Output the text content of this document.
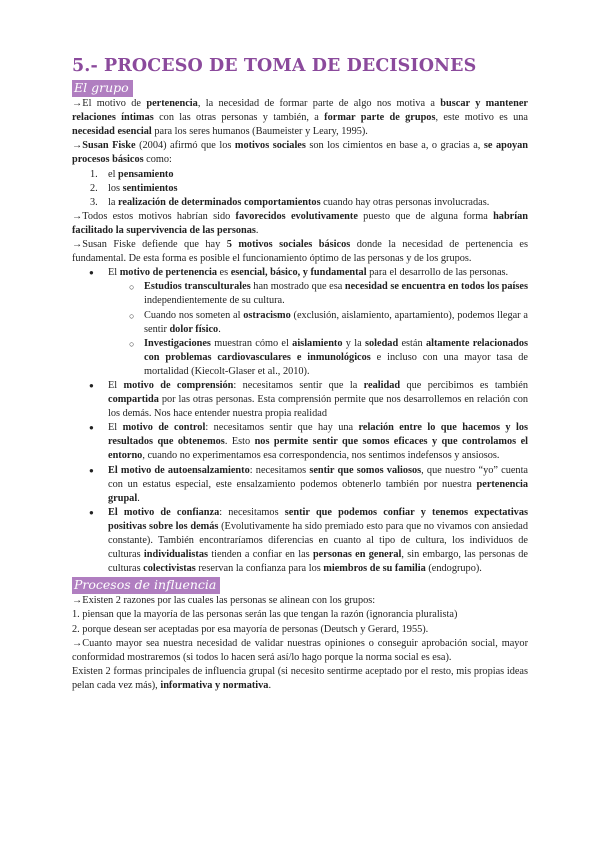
5.- PROCESO DE TOMA DE DECISIONES
El grupo

→El motivo de pertenencia, la necesidad de formar parte de algo nos motiva a buscar y mantener relaciones íntimas con las otras personas y también, a formar parte de grupos, este motivo es una necesidad esencial para los seres humanos (Baumeister y Leary, 1995).

→Susan Fiske (2004) afirmó que los motivos sociales son los cimientos en base a, o gracias a, se apoyan procesos básicos como:

1. el pensamiento
2. los sentimientos
3. la realización de determinados comportamientos cuando hay otras personas involucradas.

→Todos estos motivos habrían sido favorecidos evolutivamente puesto que de alguna forma habrían facilitado la supervivencia de las personas.

→Susan Fiske defiende que hay 5 motivos sociales básicos donde la necesidad de pertenencia es fundamental. De esta forma es posible el funcionamiento óptimo de las personas y de los grupos.

● El motivo de pertenencia es esencial, básico, y fundamental para el desarrollo de las personas.
○ Estudios transculturales han mostrado que esa necesidad se encuentra en todos los países independientemente de su cultura.
○ Cuando nos someten al ostracismo (exclusión, aislamiento, apartamiento), podemos llegar a sentir dolor físico.
○ Investigaciones muestran cómo el aislamiento y la soledad están altamente relacionados con problemas cardiovasculares e inmunológicos e incluso con una mayor tasa de mortalidad (Kiecolt-Glaser et al., 2010).
● El motivo de comprensión: necesitamos sentir que la realidad que percibimos es también compartida por las otras personas. Esta comprensión permite que nos desarrollemos en relación con los demás. Nos hace entender nuestra propia realidad
● El motivo de control: necesitamos sentir que hay una relación entre lo que hacemos y los resultados que obtenemos. Esto nos permite sentir que somos eficaces y que controlamos el entorno, cuando no experimentamos esa correspondencia, nos sentimos indefensos y ansiosos.
● El motivo de autoensalzamiento: necesitamos sentir que somos valiosos, que nuestro “yo” cuenta con un estatus especial, este ensalzamiento podemos obtenerlo también por nuestra pertenencia grupal.
● El motivo de confianza: necesitamos sentir que podemos confiar y tenemos expectativas positivas sobre los demás (Evolutivamente ha sido premiado esto para que no vivamos con ansiedad constante). También encontraríamos diferencias en cuanto al tipo de cultura, los individuos de culturas individualistas tienden a confiar en las personas en general, sin embargo, las personas de culturas colectivistas reservan la confianza para los miembros de su familia (endogrupo).
Procesos de influencia

→Existen 2 razones por las cuales las personas se alinean con los grupos:

1. piensan que la mayoría de las personas serán las que tengan la razón (ignorancia pluralista)

2. porque desean ser aceptadas por esa mayoría de personas (Deutsch y Gerard, 1955).

→Cuanto mayor sea nuestra necesidad de validar nuestras opiniones o conseguir aprobación social, mayor conformidad mostraremos (si todos lo hacen será así/lo hago porque la norma social es esa).

Existen 2 formas principales de influencia grupal (si necesito sentirme aceptado por el resto, mis propias ideas pelan cada vez más), informativa y normativa.
